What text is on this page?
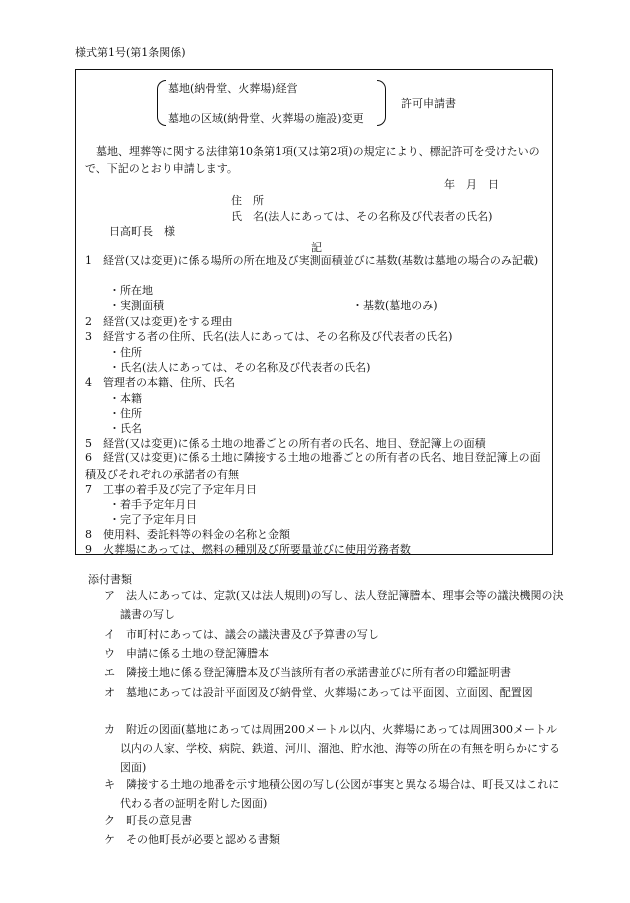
様式第1号(第1条関係)
墓地(納骨堂、火葬場)経営
墓地の区域(納骨堂、火葬場の施設)変更
許可申請書
墓地、埋葬等に関する法律第10条第1項(又は第2項)の規定により、標記許可を受けたいので、下記のとおり申請します。
年　月　日
住　所
氏　名(法人にあっては、その名称及び代表者の氏名)
日高町長　様
記
1　経営(又は変更)に係る場所の所在地及び実測面積並びに基数(基数は墓地の場合のみ記載)
・所在地
・実測面積	・基数(墓地のみ)
2　経営(又は変更)をする理由
3　経営する者の住所、氏名(法人にあっては、その名称及び代表者の氏名)
・住所
・氏名(法人にあっては、その名称及び代表者の氏名)
4　管理者の本籍、住所、氏名
・本籍
・住所
・氏名
5　経営(又は変更)に係る土地の地番ごとの所有者の氏名、地目、登記簿上の面積
6　経営(又は変更)に係る土地に隣接する土地の地番ごとの所有者の氏名、地目登記簿上の面積及びそれぞれの承諾者の有無
7　工事の着手及び完了予定年月日
・着手予定年月日
・完了予定年月日
8　使用料、委託料等の料金の名称と金額
9　火葬場にあっては、燃料の種別及び所要量並びに使用労務者数
添付書類
ア　法人にあっては、定款(又は法人規則)の写し、法人登記簿謄本、理事会等の議決機関の決議書の写し
イ　市町村にあっては、議会の議決書及び予算書の写し
ウ　申請に係る土地の登記簿謄本
エ　隣接土地に係る登記簿謄本及び当該所有者の承諾書並びに所有者の印鑑証明書
オ　墓地にあっては設計平面図及び納骨堂、火葬場にあっては平面図、立面図、配置図
カ　附近の図面(墓地にあっては周囲200メートル以内、火葬場にあっては周囲300メートル以内の人家、学校、病院、鉄道、河川、溜池、貯水池、海等の所在の有無を明らかにする図面)
キ　隣接する土地の地番を示す地積公図の写し(公図が事実と異なる場合は、町長又はこれに代わる者の証明を附した図面)
ク　町長の意見書
ケ　その他町長が必要と認める書類
